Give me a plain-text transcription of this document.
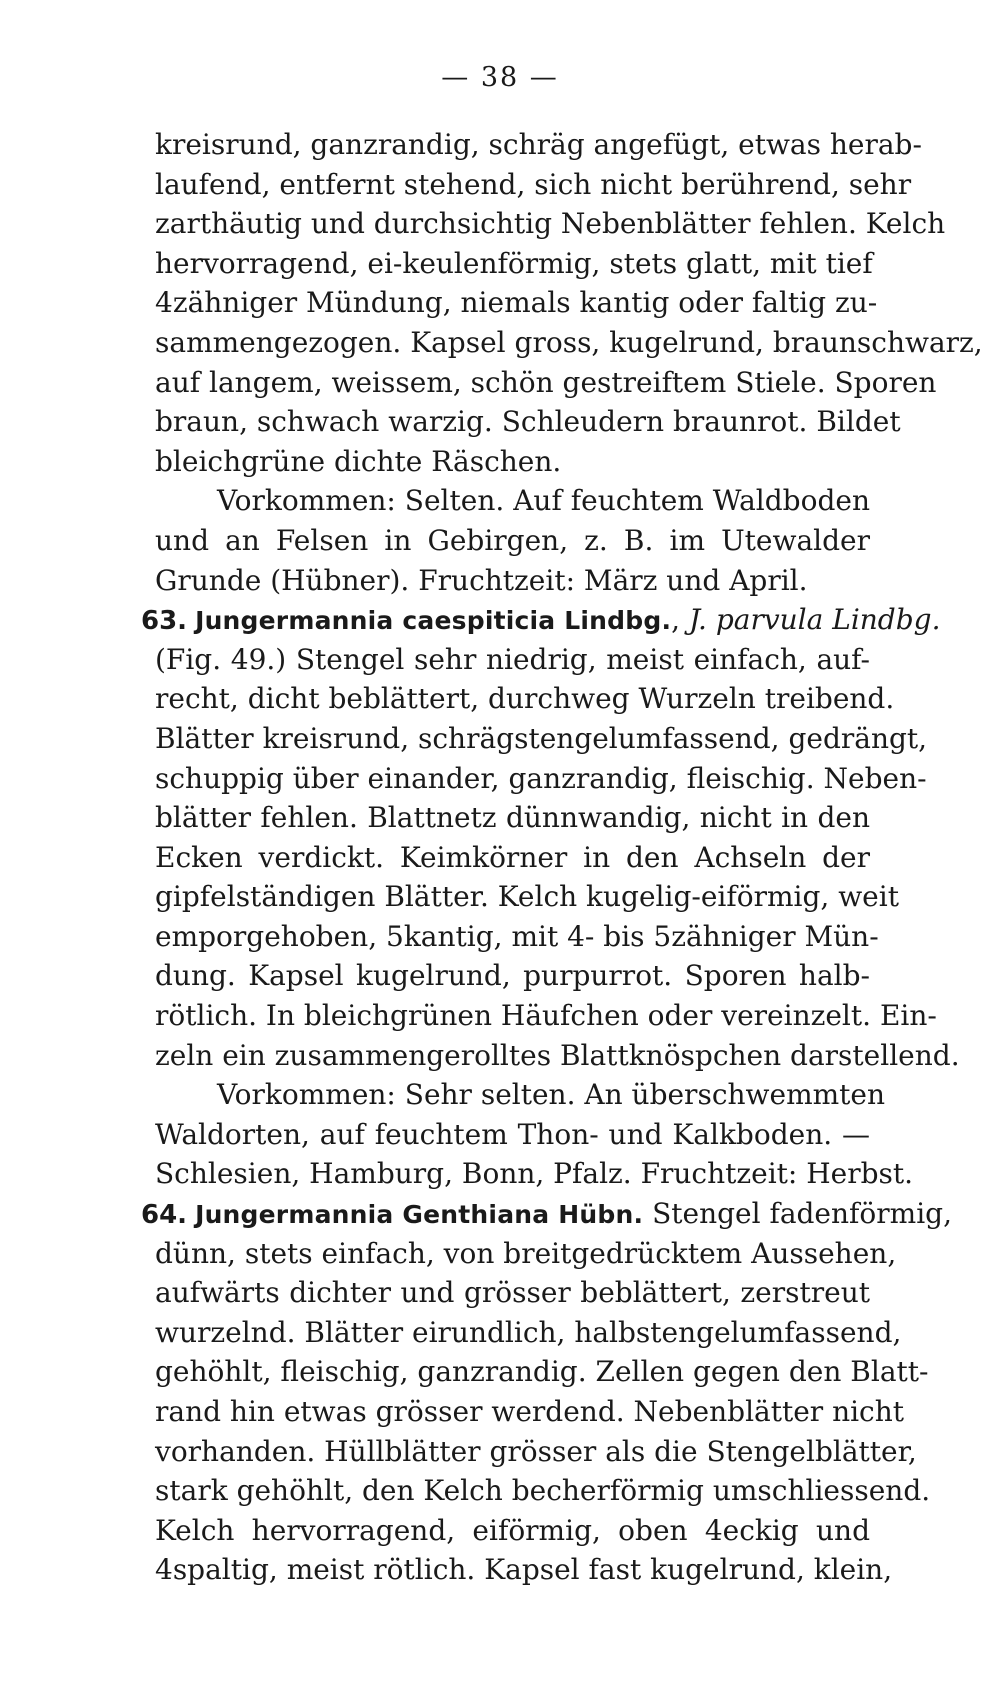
— 38 —
kreisrund, ganzrandig, schräg angefügt, etwas herab-
laufend, entfernt stehend, sich nicht berührend, sehr
zarthäutig und durchsichtig Nebenblätter fehlen. Kelch
hervorragend, ei-keulenförmig, stets glatt, mit tief
4zähniger Mündung, niemals kantig oder faltig zu-
sammengezogen. Kapsel gross, kugelrund, braunschwarz,
auf langem, weissem, schön gestreiftem Stiele. Sporen
braun, schwach warzig. Schleudern braunrot. Bildet
bleichgrüne dichte Räschen.
Vorkommen: Selten. Auf feuchtem Waldboden
und an Felsen in Gebirgen, z. B. im Utewalder
Grunde (Hübner). Fruchtzeit: März und April.
63. Jungermannia caespiticia Lindbg., J. parvula Lindbg.
(Fig. 49.) Stengel sehr niedrig, meist einfach, auf-
recht, dicht beblättert, durchweg Wurzeln treibend.
Blätter kreisrund, schrägstengelumfassend, gedrängt,
schuppig über einander, ganzrandig, fleischig. Neben-
blätter fehlen. Blattnetz dünnwandig, nicht in den
Ecken verdickt. Keimkörner in den Achseln der
gipfelständigen Blätter. Kelch kugelig-eiförmig, weit
emporgehoben, 5kantig, mit 4- bis 5zähniger Mün-
dung. Kapsel kugelrund, purpurrot. Sporen halb-
rötlich. In bleichgrünen Häufchen oder vereinzelt. Ein-
zeln ein zusammengerolltes Blattknöspchen darstellend.
Vorkommen: Sehr selten. An überschwemmten
Waldorten, auf feuchtem Thon- und Kalkboden. —
Schlesien, Hamburg, Bonn, Pfalz. Fruchtzeit: Herbst.
64. Jungermannia Genthiana Hübn. Stengel fadenförmig,
dünn, stets einfach, von breitgedrücktem Aussehen,
aufwärts dichter und grösser beblättert, zerstreut
wurzelnd. Blätter eirundlich, halbstengelumfassend,
gehöhlt, fleischig, ganzrandig. Zellen gegen den Blatt-
rand hin etwas grösser werdend. Nebenblätter nicht
vorhanden. Hüllblätter grösser als die Stengelblätter,
stark gehöhlt, den Kelch becherförmig umschliessend.
Kelch hervorragend, eiförmig, oben 4eckig und
4spaltig, meist rötlich. Kapsel fast kugelrund, klein,
